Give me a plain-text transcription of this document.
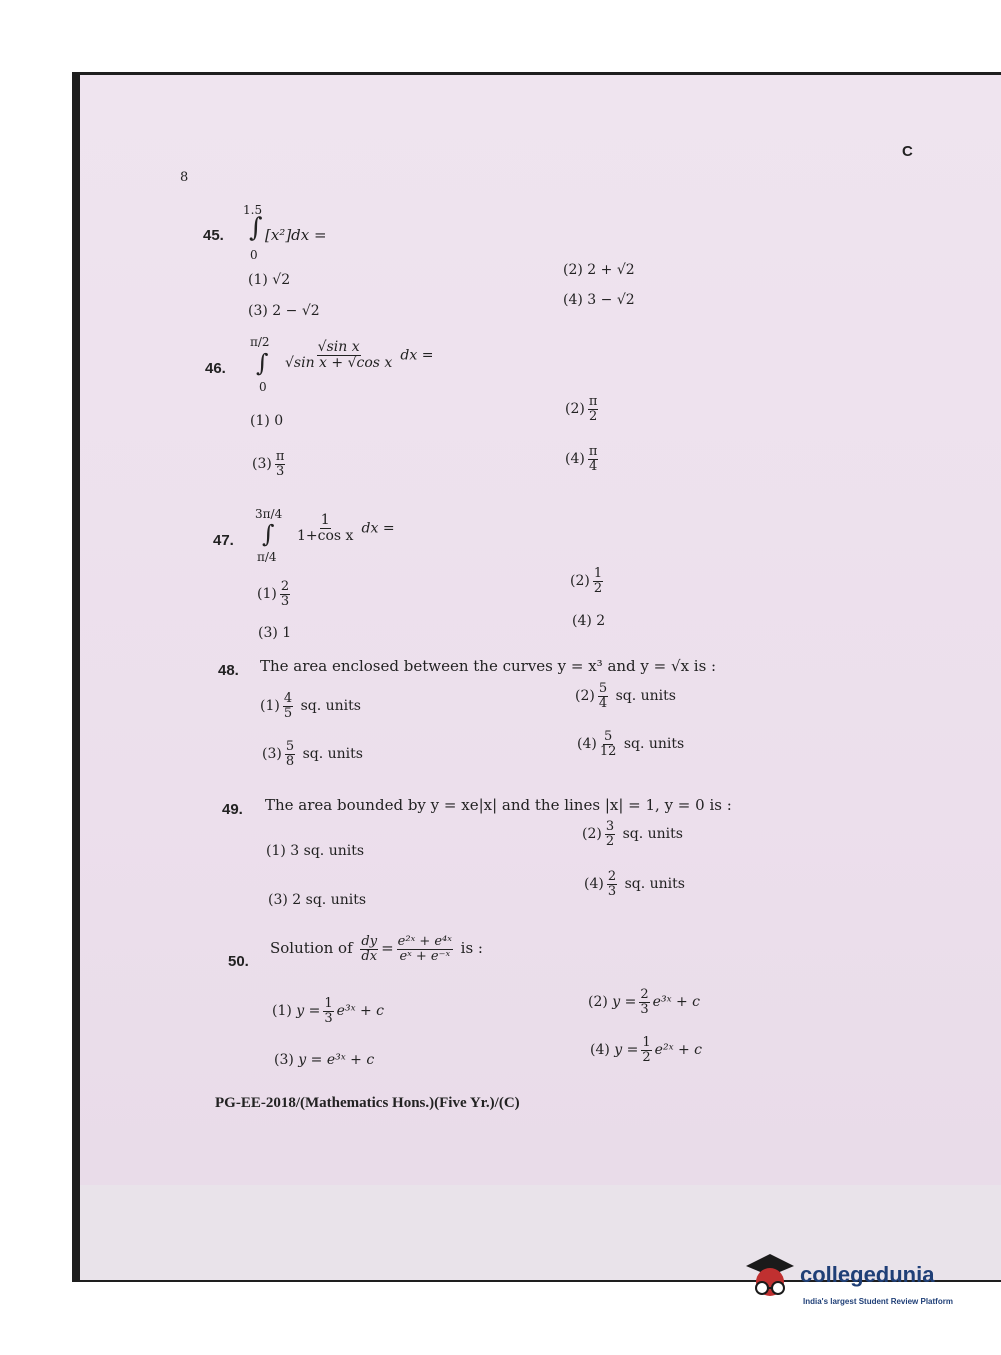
8
C
45.
1.5
∫ [x²]dx =
0
(1) √2
(2) 2 + √2
(3) 2 − √2
(4) 3 − √2
46.
π/2
∫
0
$\frac{\text{√sin x}}{\text{√sin x + √cos x}}$ dx =
(1) 0
$(2) \frac{\pi}{2}$
$(3) \frac{\pi}{3}$	$(4) \frac{\pi}{4}$
47.
3π/4
∫
π/4
$\frac{1}{\text{1+cos x}}$ dx =
$(1) \frac{2}{3}$	$(2) \frac{1}{2}$
(3) 1
(4) 2
48. The area enclosed between the curves y = x³ and y = √x is :
$(1) \frac{4}{5}$ sq. units
$(2) \frac{5}{4}$ sq. units
$(3) \frac{5}{8}$ sq. units
$(4) \frac{5}{12}$ sq. units
49. The area bounded by y = xe|x| and the lines |x| = 1, y = 0 is :
(1) 3 sq. units
$(2) \frac{3}{2}$ sq. units
(3) 2 sq. units
$(4) \frac{2}{3}$ sq. units
50.
Solution of $\frac{dy}{dx} = \frac{\text{e²ˣ + e⁴ˣ}}{\text{eˣ + e⁻ˣ}}$ is :
(1) $y = \frac{1}{3}$ e³ˣ + c
(2) $y = \frac{2}{3}$ e³ˣ + c
(3) y = e³ˣ + c
(4) $y = \frac{1}{2}$ e²ˣ + c
PG-EE-2018/(Mathematics Hons.)(Five Yr.)/(C)
collegedunia
India's largest Student Review Platform
